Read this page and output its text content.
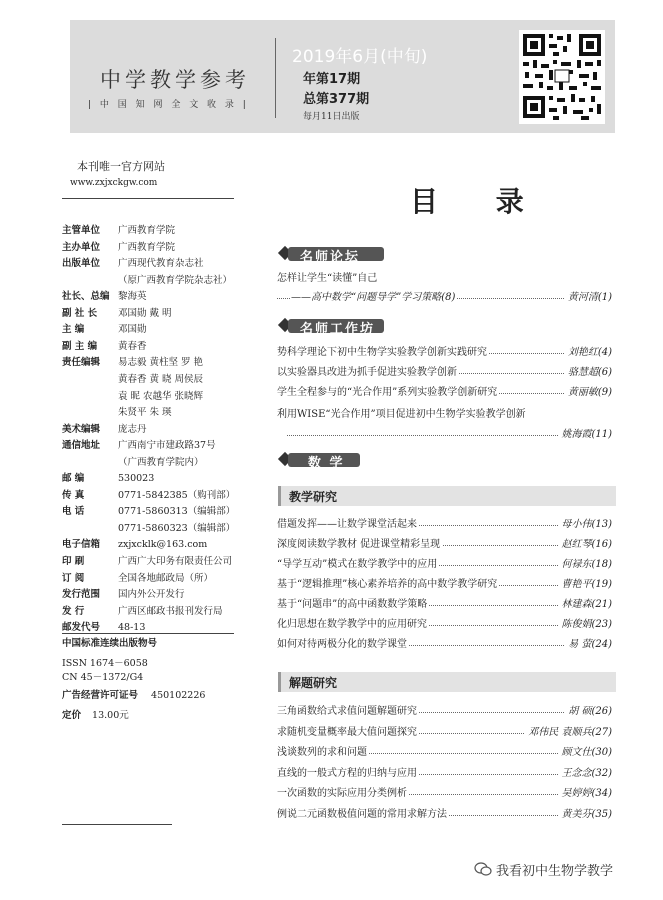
中学教学参考
| 中 国 知 网 全 文 收 录 |
2019年6月(中旬)
年第17期
总第377期
每月11日出版
本刊唯一官方网站
www.zxjxckgw.com
目 录
主管单位 广西教育学院
主办单位 广西教育学院
出版单位 广西现代教育杂志社
（原广西教育学院杂志社）
社长、总编 黎海英
副 社 长 邓国勋 戴 明
主 编	邓国勋
副 主 编 黄春香
责任编辑 易志毅 黄柱坚 罗 艳
黄春香 黄 晓 周侯辰
袁 昵 农越华 张晓辉
朱贤平 朱 瑛
美术编辑 庞志丹
通信地址 广西南宁市建政路37号
（广西教育学院内）
邮 编	530023
传 真	0771-5842385（购刊部）
电 话	0771-5860313（编辑部）
0771-5860323（编辑部）
电子信箱 zxjxcklk@163.com
印 刷	广西广大印务有限责任公司
订 阅	全国各地邮政局（所）
发行范围 国内外公开发行
发 行	广西区邮政书报刊发行局
邮发代号 48-13
中国标准连续出版物号
ISSN 1674－6058
CN 45－1372/G4
广告经营许可证号 450102226
定价 13.00元
名师论坛
怎样让学生“读懂”自己
——高中数学“问题导学”学习策略(8)	黄河清(1)
名师工作坊
势科学理论下初中生物学实验教学创新实践研究	刘艳红(4)
以实验器具改进为抓手促进实验教学创新	骆慧超(6)
学生全程参与的“光合作用”系列实验教学创新研究	黄丽敏(9)
利用WISE“光合作用”项目促进初中生物学实验教学创新
姚海霞(11)
数 学
教学研究
借题发挥——让数学课堂活起来	母小伟(13)
深度阅读数学教材 促进课堂精彩呈现	赵红琴(16)
“导学互动”模式在数学教学中的应用	何禄东(18)
基于“逻辑推理”核心素养培养的高中数学教学研究	曹艳平(19)
基于“问题串”的高中函数数学策略	林建森(21)
化归思想在数学教学中的应用研究	陈俊娟(23)
如何对待两极分化的数学课堂	易 萤(24)
解题研究
三角函数给式求值问题解题研究	胡 硕(26)
求随机变量概率最大值问题探究	邓伟民 袁顺兵(27)
浅谈数列的求和问题	顾文仕(30)
直线的一般式方程的归纳与应用	王念念(32)
一次函数的实际应用分类例析	吴婷婷(34)
例说二元函数极值问题的常用求解方法	黄美芬(35)
我看初中生物学教学
